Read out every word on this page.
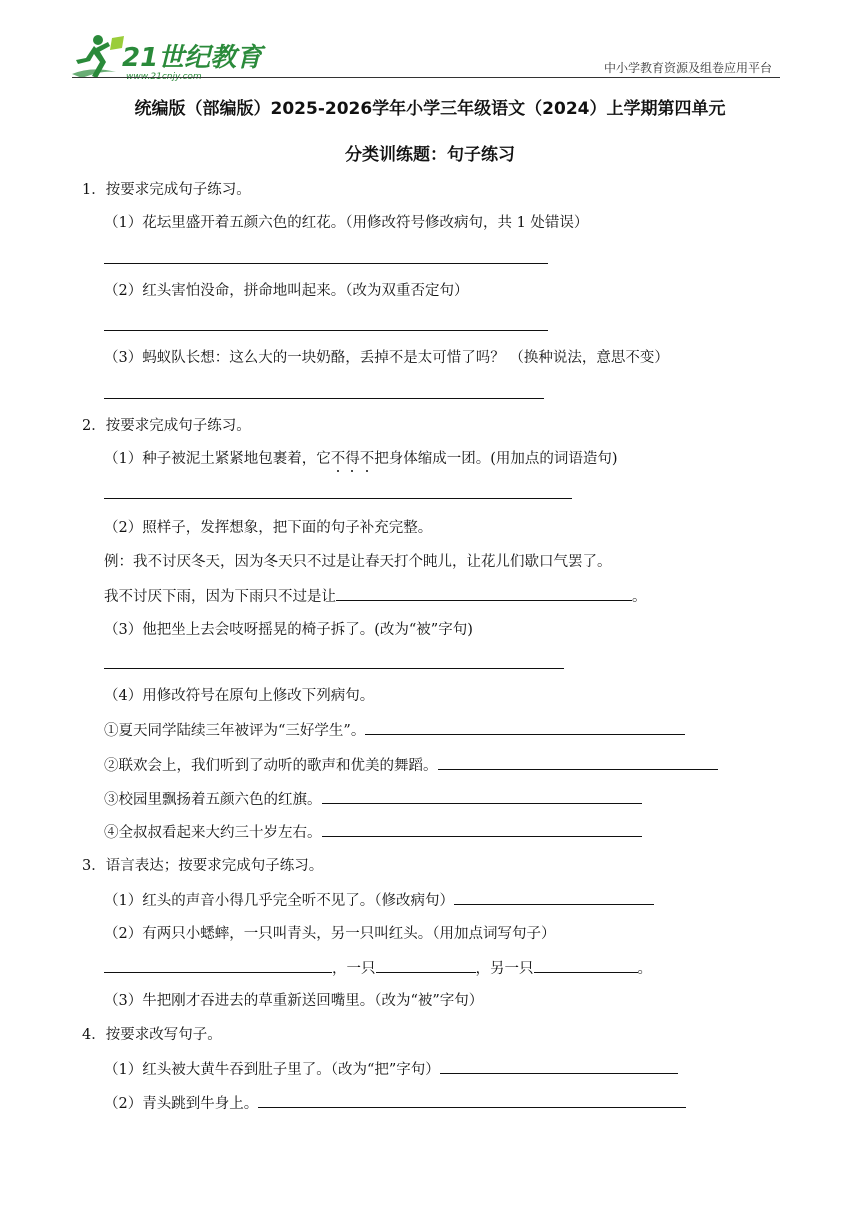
21世纪教育
www.21cnjy.com
中小学教育资源及组卷应用平台
统编版（部编版）2025-2026学年小学三年级语文（2024）上学期第四单元
分类训练题：句子练习
1．按要求完成句子练习。
（1）花坛里盛开着五颜六色的红花。（用修改符号修改病句，共 1 处错误）
（2）红头害怕没命，拼命地叫起来。（改为双重否定句）
（3）蚂蚁队长想：这么大的一块奶酪，丢掉不是太可惜了吗？ （换种说法，意思不变）
2．按要求完成句子练习。
（1）种子被泥土紧紧地包裹着，它不得不把身体缩成一团。(用加点的词语造句)
（2）照样子，发挥想象，把下面的句子补充完整。
例：我不讨厌冬天，因为冬天只不过是让春天打个盹儿，让花儿们歇口气罢了。
我不讨厌下雨，因为下雨只不过是让	。
（3）他把坐上去会吱呀摇晃的椅子拆了。(改为“被”字句)
（4）用修改符号在原句上修改下列病句。
①夏天同学陆续三年被评为“三好学生”。
②联欢会上，我们听到了动听的歌声和优美的舞蹈。
③校园里飘扬着五颜六色的红旗。
④全叔叔看起来大约三十岁左右。
3．语言表达；按要求完成句子练习。
（1）红头的声音小得几乎完全听不见了。（修改病句）
（2）有两只小蟋蟀，一只叫青头，另一只叫红头。（用加点词写句子）
，一只	，另一只	。
（3）牛把刚才吞进去的草重新送回嘴里。（改为“被”字句）
4．按要求改写句子。
（1）红头被大黄牛吞到肚子里了。（改为“把”字句）
（2）青头跳到牛身上。
